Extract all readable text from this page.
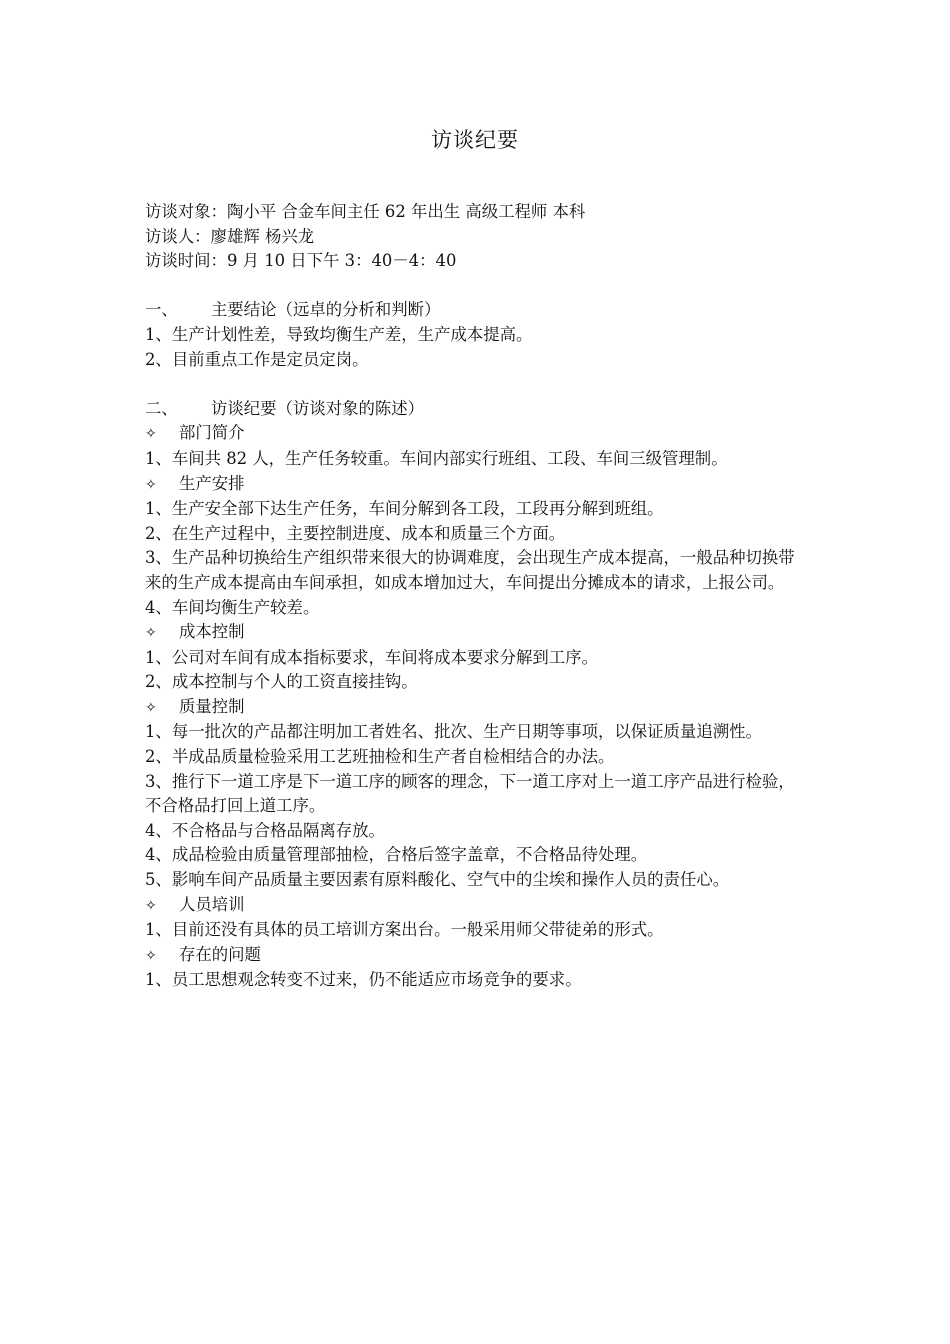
访谈纪要
访谈对象：陶小平 合金车间主任 62 年出生 高级工程师 本科
访谈人：廖雄辉 杨兴龙
访谈时间：9 月 10 日下午 3：40－4：40
一、 主要结论（远卓的分析和判断）
1、生产计划性差，导致均衡生产差，生产成本提高。
2、目前重点工作是定员定岗。
二、 访谈纪要（访谈对象的陈述）
✧ 部门简介
1、车间共 82 人，生产任务较重。车间内部实行班组、工段、车间三级管理制。
✧ 生产安排
1、生产安全部下达生产任务，车间分解到各工段，工段再分解到班组。
2、在生产过程中，主要控制进度、成本和质量三个方面。
3、生产品种切换给生产组织带来很大的协调难度，会出现生产成本提高，一般品种切换带来的生产成本提高由车间承担，如成本增加过大，车间提出分摊成本的请求，上报公司。
4、车间均衡生产较差。
✧ 成本控制
1、公司对车间有成本指标要求，车间将成本要求分解到工序。
2、成本控制与个人的工资直接挂钩。
✧ 质量控制
1、每一批次的产品都注明加工者姓名、批次、生产日期等事项，以保证质量追溯性。
2、半成品质量检验采用工艺班抽检和生产者自检相结合的办法。
3、推行下一道工序是下一道工序的顾客的理念，下一道工序对上一道工序产品进行检验，不合格品打回上道工序。
4、不合格品与合格品隔离存放。
4、成品检验由质量管理部抽检，合格后签字盖章，不合格品待处理。
5、影响车间产品质量主要因素有原料酸化、空气中的尘埃和操作人员的责任心。
✧ 人员培训
1、目前还没有具体的员工培训方案出台。一般采用师父带徒弟的形式。
✧ 存在的问题
1、员工思想观念转变不过来，仍不能适应市场竞争的要求。
